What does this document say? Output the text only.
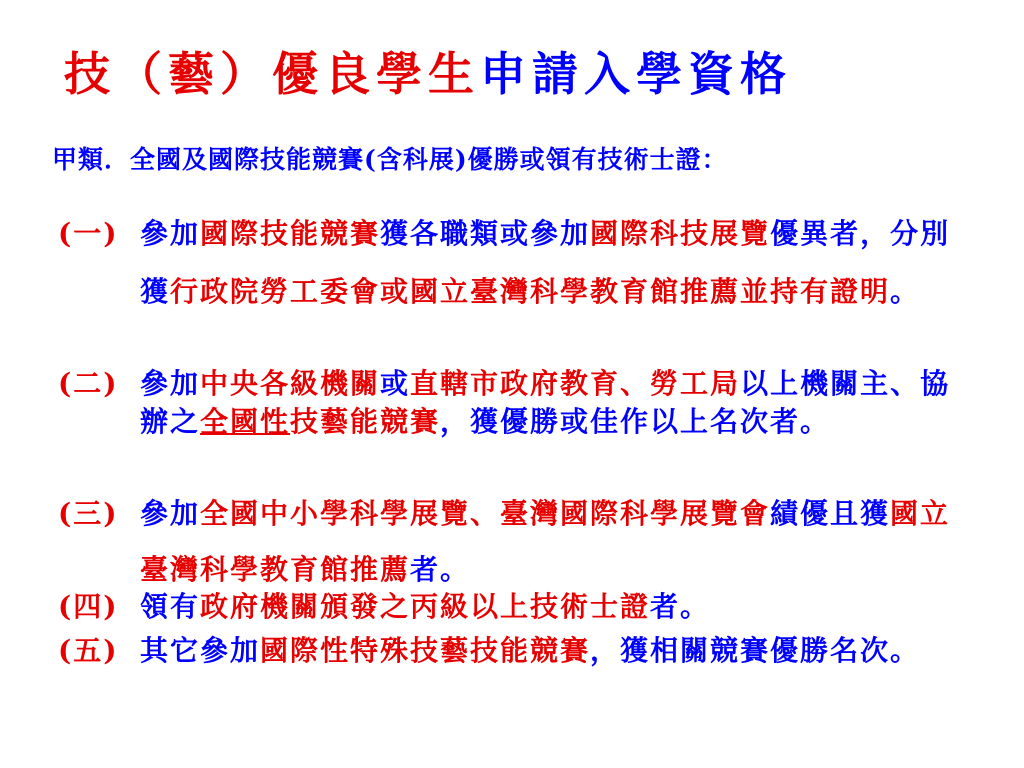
技（藝）優良學生申請入學資格
甲類．全國及國際技能競賽(含科展)優勝或領有技術士證：
(一) 參加國際技能競賽獲各職類或參加國際科技展覽優異者，分別獲行政院勞工委會或國立臺灣科學教育館推薦並持有證明。
(二) 參加中央各級機關或直轄市政府教育、勞工局以上機關主、協辦之全國性技藝能競賽，獲優勝或佳作以上名次者。
(三) 參加全國中小學科學展覽、臺灣國際科學展覽會績優且獲國立臺灣科學教育館推薦者。
(四) 領有政府機關頒發之丙級以上技術士證者。
(五) 其它參加國際性特殊技藝技能競賽，獲相關競賽優勝名次。
